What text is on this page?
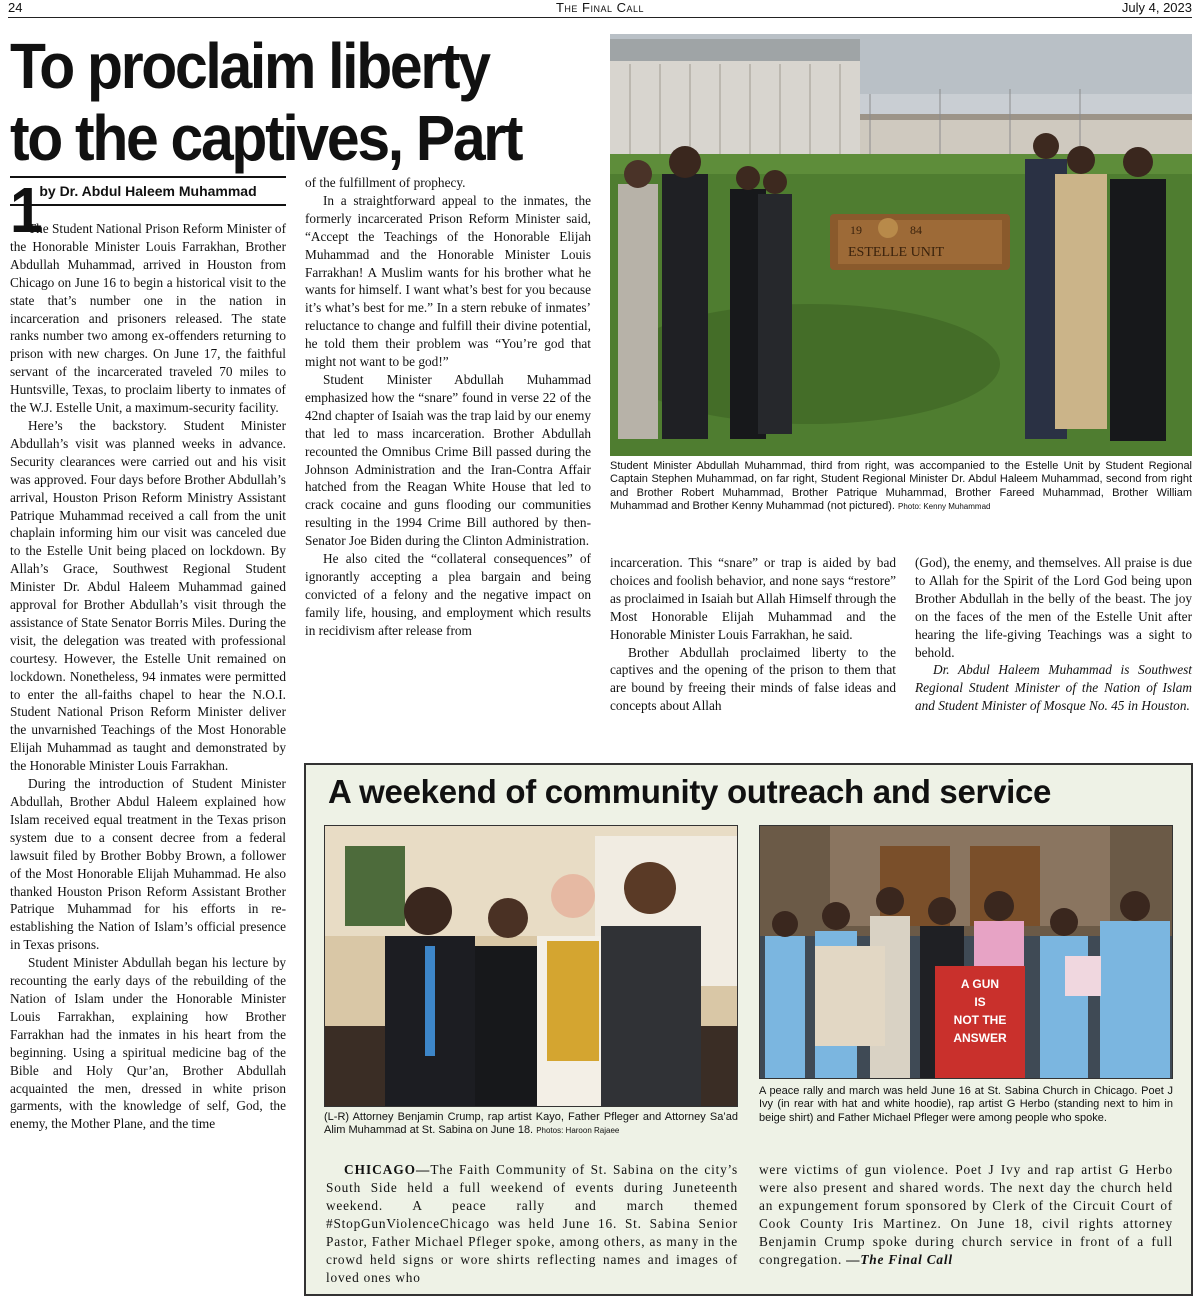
24	The Final Call	July 4, 2023
To proclaim liberty
to the captives, Part 1
by Dr. Abdul Haleem Muhammad

The Student National Prison Reform Minister of the Honorable Minister Louis Farrakhan, Brother Abdullah Muhammad, arrived in Houston from Chicago on June 16 to begin a historical visit to the state that’s number one in the nation in incarceration and prisoners released. The state ranks number two among ex-offenders returning to prison with new charges. On June 17, the faithful servant of the incarcerated traveled 70 miles to Huntsville, Texas, to proclaim liberty to inmates of the W.J. Estelle Unit, a maximum-security facility.

Here’s the backstory. Student Minister Abdullah’s visit was planned weeks in advance. Security clearances were carried out and his visit was approved. Four days before Brother Abdullah’s arrival, Houston Prison Reform Ministry Assistant Patrique Muhammad received a call from the unit chaplain informing him our visit was canceled due to the Estelle Unit being placed on lockdown. By Allah’s Grace, Southwest Regional Student Minister Dr. Abdul Haleem Muhammad gained approval for Brother Abdullah’s visit through the assistance of State Senator Borris Miles. During the visit, the delegation was treated with professional courtesy. However, the Estelle Unit remained on lockdown. Nonetheless, 94 inmates were permitted to enter the all-faiths chapel to hear the N.O.I. Student National Prison Reform Minister deliver the unvarnished Teachings of the Most Honorable Elijah Muhammad as taught and demonstrated by the Honorable Minister Louis Farrakhan.

During the introduction of Student Minister Abdullah, Brother Abdul Haleem explained how Islam received equal treatment in the Texas prison system due to a consent decree from a federal lawsuit filed by Brother Bobby Brown, a follower of the Most Honorable Elijah Muhammad. He also thanked Houston Prison Reform Assistant Brother Patrique Muhammad for his efforts in re-establishing the Nation of Islam’s official presence in Texas prisons.

Student Minister Abdullah began his lecture by recounting the early days of the rebuilding of the Nation of Islam under the Honorable Minister Louis Farrakhan, explaining how Brother Farrakhan had the inmates in his heart from the beginning. Using a spiritual medicine bag of the Bible and Holy Qur’an, Brother Abdullah acquainted the men, dressed in white prison garments, with the knowledge of self, God, the enemy, the Mother Plane, and the time

of the fulfillment of prophecy.

In a straightforward appeal to the inmates, the formerly incarcerated Prison Reform Minister said, “Accept the Teachings of the Honorable Elijah Muhammad and the Honorable Minister Louis Farrakhan! A Muslim wants for his brother what he wants for himself. I want what’s best for you because it’s what’s best for me.” In a stern rebuke of inmates’ reluctance to change and fulfill their divine potential, he told them their problem was “You’re god that might not want to be god!”

Student Minister Abdullah Muhammad emphasized how the “snare” found in verse 22 of the 42nd chapter of Isaiah was the trap laid by our enemy that led to mass incarceration. Brother Abdullah recounted the Omnibus Crime Bill passed during the Johnson Administration and the Iran-Contra Affair hatched from the Reagan White House that led to crack cocaine and guns flooding our communities resulting in the 1994 Crime Bill authored by then-Senator Joe Biden during the Clinton Administration.

He also cited the “collateral consequences” of ignorantly accepting a plea bargain and being convicted of a felony and the negative impact on family life, housing, and employment which results in recidivism after release from

19	84
ESTELLE UNIT
Student Minister Abdullah Muhammad, third from right, was accompanied to the Estelle Unit by Student Regional Captain Stephen Muhammad, on far right, Student Regional Minister Dr. Abdul Haleem Muhammad, second from right and Brother Robert Muhammad, Brother Patrique Muhammad, Brother Fareed Muhammad, Brother William Muhammad and Brother Kenny Muhammad (not pictured). Photo: Kenny Muhammad

incarceration. This “snare” or trap is aided by bad choices and foolish behavior, and none says “restore” as proclaimed in Isaiah but Allah Himself through the Most Honorable Elijah Muhammad and the Honorable Minister Louis Farrakhan, he said.

Brother Abdullah proclaimed liberty to the captives and the opening of the prison to them that are bound by freeing their minds of false ideas and concepts about Allah

(God), the enemy, and themselves. All praise is due to Allah for the Spirit of the Lord God being upon Brother Abdullah in the belly of the beast. The joy on the faces of the men of the Estelle Unit after hearing the life-giving Teachings was a sight to behold.

Dr. Abdul Haleem Muhammad is Southwest Regional Student Minister of the Nation of Islam and Student Minister of Mosque No. 45 in Houston.

A weekend of community outreach and service
(L-R) Attorney Benjamin Crump, rap artist Kayo, Father Pfleger and Attorney Sa’ad Alim Muhammad at St. Sabina on June 18. Photos: Haroon Rajaee
A GUN
IS
NOT THE
ANSWER
A peace rally and march was held June 16 at St. Sabina Church in Chicago. Poet J Ivy (in rear with hat and white hoodie), rap artist G Herbo (standing next to him in beige shirt) and Father Michael Pfleger were among people who spoke.
CHICAGO—The Faith Community of St. Sabina on the city’s South Side held a full weekend of events during Juneteenth weekend. A peace rally and march themed #StopGunViolenceChicago was held June 16. St. Sabina Senior Pastor, Father Michael Pfleger spoke, among others, as many in the crowd held signs or wore shirts reflecting names and images of loved ones who
were victims of gun violence. Poet J Ivy and rap artist G Herbo were also present and shared words. The next day the church held an expungement forum sponsored by Clerk of the Circuit Court of Cook County Iris Martinez. On June 18, civil rights attorney Benjamin Crump spoke during church service in front of a full congregation. —The Final Call
